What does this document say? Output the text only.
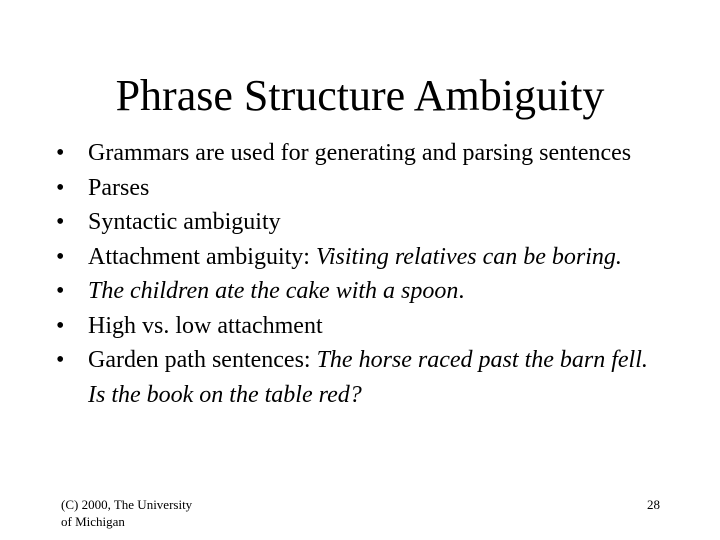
Phrase Structure Ambiguity
• Grammars are used for generating and parsing sentences
• Parses
• Syntactic ambiguity
• Attachment ambiguity: Visiting relatives can be boring.
• The children ate the cake with a spoon.
• High vs. low attachment
• Garden path sentences: The horse raced past the barn fell.
Is the book on the table red?
(C) 2000, The University
of Michigan
28
